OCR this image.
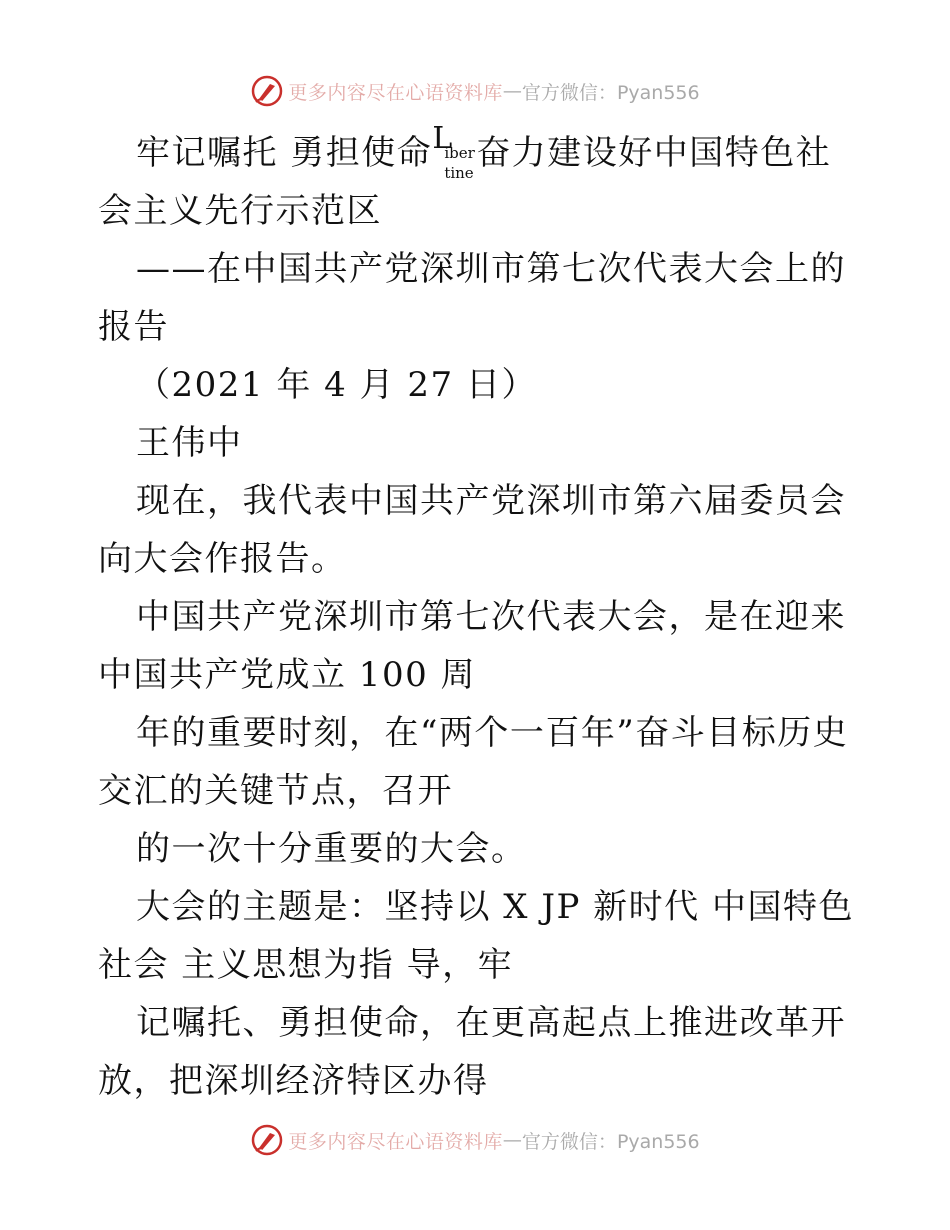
更多内容尽在心语资料库 — 官方微信：Pyan556

牢记嘱托 勇担使命 L
iber
tine 奋力建设好中国特色社会主义先行示范区

——在中国共产党深圳市第七次代表大会上的报告

（2021 年 4 月 27 日）

王伟中

现在，我代表中国共产党深圳市第六届委员会向大会作报告。

中国共产党深圳市第七次代表大会，是在迎来中国共产党成立 100 周

年的重要时刻，在“两个一百年”奋斗目标历史交汇的关键节点，召开

的一次十分重要的大会。

大会的主题是：坚持以 X JP 新时代 中国特色社会 主义思想为指 导，牢

记嘱托、勇担使命，在更高起点上推进改革开放，把深圳经济特区办得

更多内容尽在心语资料库 — 官方微信：Pyan556
